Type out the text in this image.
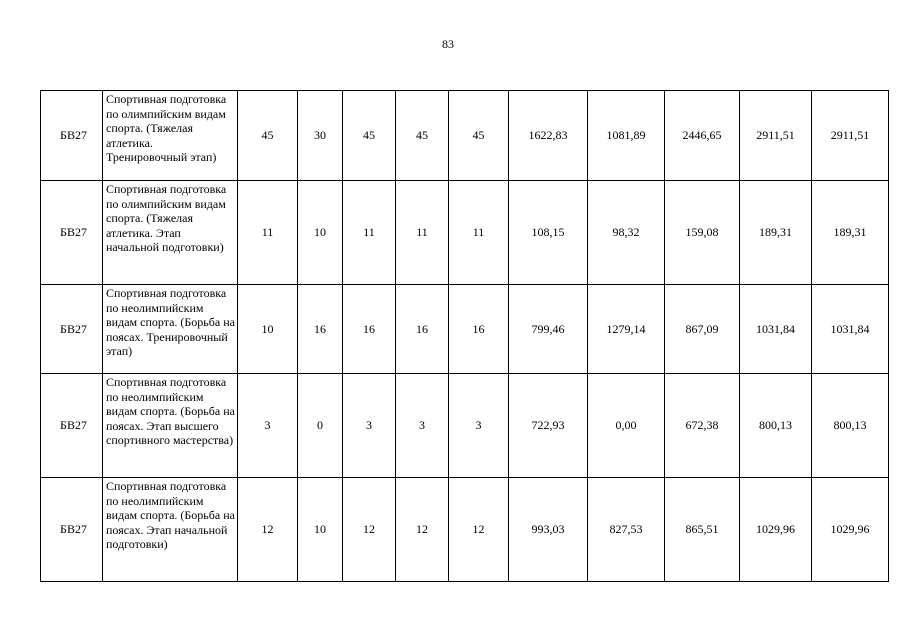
83
БВ27	Спортивная подготовка по олимпийским видам спорта. (Тяжелая атлетика. Тренировочный этап)	45	30	45	45	45	1622,83	1081,89	2446,65	2911,51	2911,51
БВ27	Спортивная подготовка по олимпийским видам спорта. (Тяжелая атлетика. Этап начальной подготовки)	11	10	11	11	11	108,15	98,32	159,08	189,31	189,31
БВ27	Спортивная подготовка по неолимпийским видам спорта. (Борьба на поясах. Тренировочный этап)	10	16	16	16	16	799,46	1279,14	867,09	1031,84	1031,84
БВ27	Спортивная подготовка по неолимпийским видам спорта. (Борьба на поясах. Этап высшего спортивного мастерства)	3	0	3	3	3	722,93	0,00	672,38	800,13	800,13
БВ27	Спортивная подготовка по неолимпийским видам спорта. (Борьба на поясах. Этап начальной подготовки)	12	10	12	12	12	993,03	827,53	865,51	1029,96	1029,96
